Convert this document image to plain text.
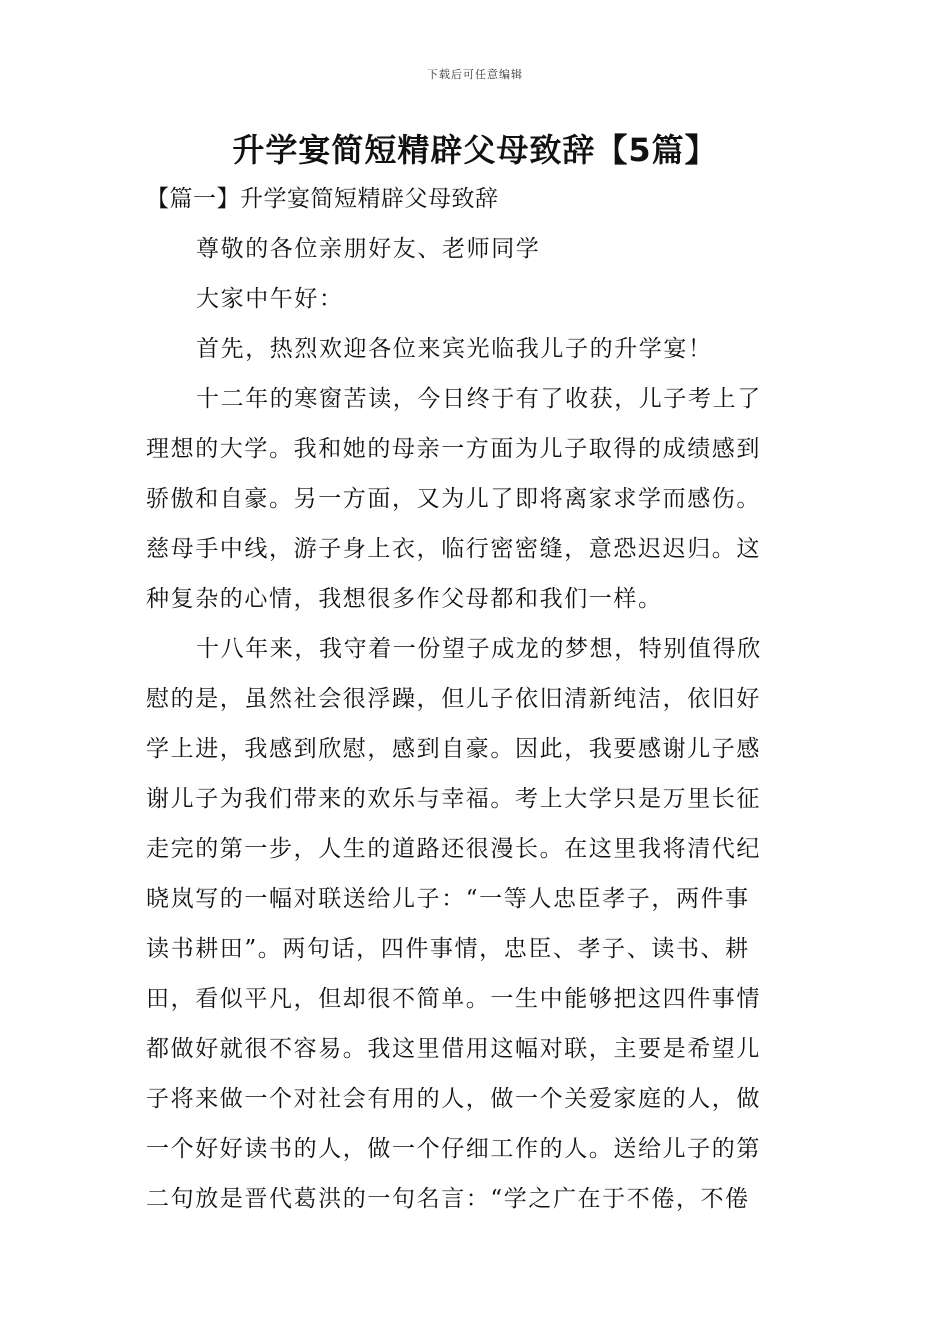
下载后可任意编辑
升学宴简短精辟父母致辞【5篇】
【篇一】升学宴简短精辟父母致辞
尊敬的各位亲朋好友、老师同学
大家中午好：
首先，热烈欢迎各位来宾光临我儿子的升学宴！
十二年的寒窗苦读，今日终于有了收获，儿子考上了
理想的大学。我和她的母亲一方面为儿子取得的成绩感到
骄傲和自豪。另一方面，又为儿了即将离家求学而感伤。
慈母手中线，游子身上衣，临行密密缝，意恐迟迟归。这
种复杂的心情，我想很多作父母都和我们一样。
十八年来，我守着一份望子成龙的梦想，特别值得欣
慰的是，虽然社会很浮躁，但儿子依旧清新纯洁，依旧好
学上进，我感到欣慰，感到自豪。因此，我要感谢儿子感
谢儿子为我们带来的欢乐与幸福。考上大学只是万里长征
走完的第一步，人生的道路还很漫长。在这里我将清代纪
晓岚写的一幅对联送给儿子：“一等人忠臣孝子，两件事
读书耕田”。两句话，四件事情，忠臣、孝子、读书、耕
田，看似平凡，但却很不简单。一生中能够把这四件事情
都做好就很不容易。我这里借用这幅对联，主要是希望儿
子将来做一个对社会有用的人，做一个关爱家庭的人，做
一个好好读书的人，做一个仔细工作的人。送给儿子的第
二句放是晋代葛洪的一句名言：“学之广在于不倦，不倦
